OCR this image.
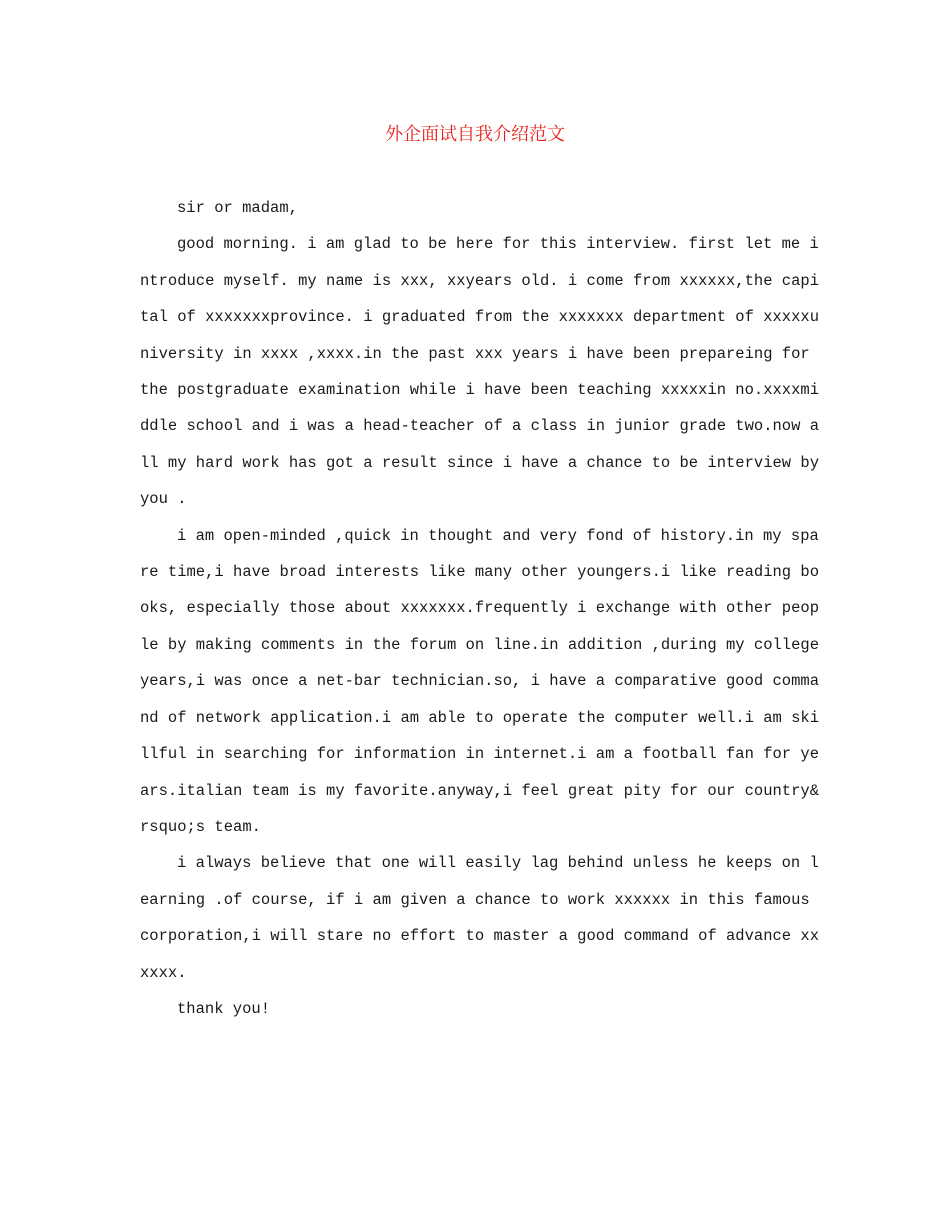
外企面试自我介绍范文

sir or madam,

good morning. i am glad to be here for this interview. first let me introduce myself. my name is xxx, xxyears old. i come from xxxxxx,the capital of xxxxxxxprovince. i graduated from the xxxxxxx department of xxxxxuniversity in xxxx ,xxxx.in the past xxx years i have been prepareing for the postgraduate examination while i have been teaching xxxxxin no.xxxxmiddle school and i was a head-teacher of a class in junior grade two.now all my hard work has got a result since i have a chance to be interview by you .

i am open-minded ,quick in thought and very fond of history.in my spare time,i have broad interests like many other youngers.i like reading books, especially those about xxxxxxx.frequently i exchange with other people by making comments in the forum on line.in addition ,during my college years,i was once a net-bar technician.so, i have a comparative good command of network application.i am able to operate the computer well.i am skillful in searching for information in internet.i am a football fan for years.italian team is my favorite.anyway,i feel great pity for our country&rsquo;s team.

i always believe that one will easily lag behind unless he keeps on learning .of course, if i am given a chance to work xxxxxx in this famous corporation,i will stare no effort to master a good command of advance xxxxxx.

thank you!
